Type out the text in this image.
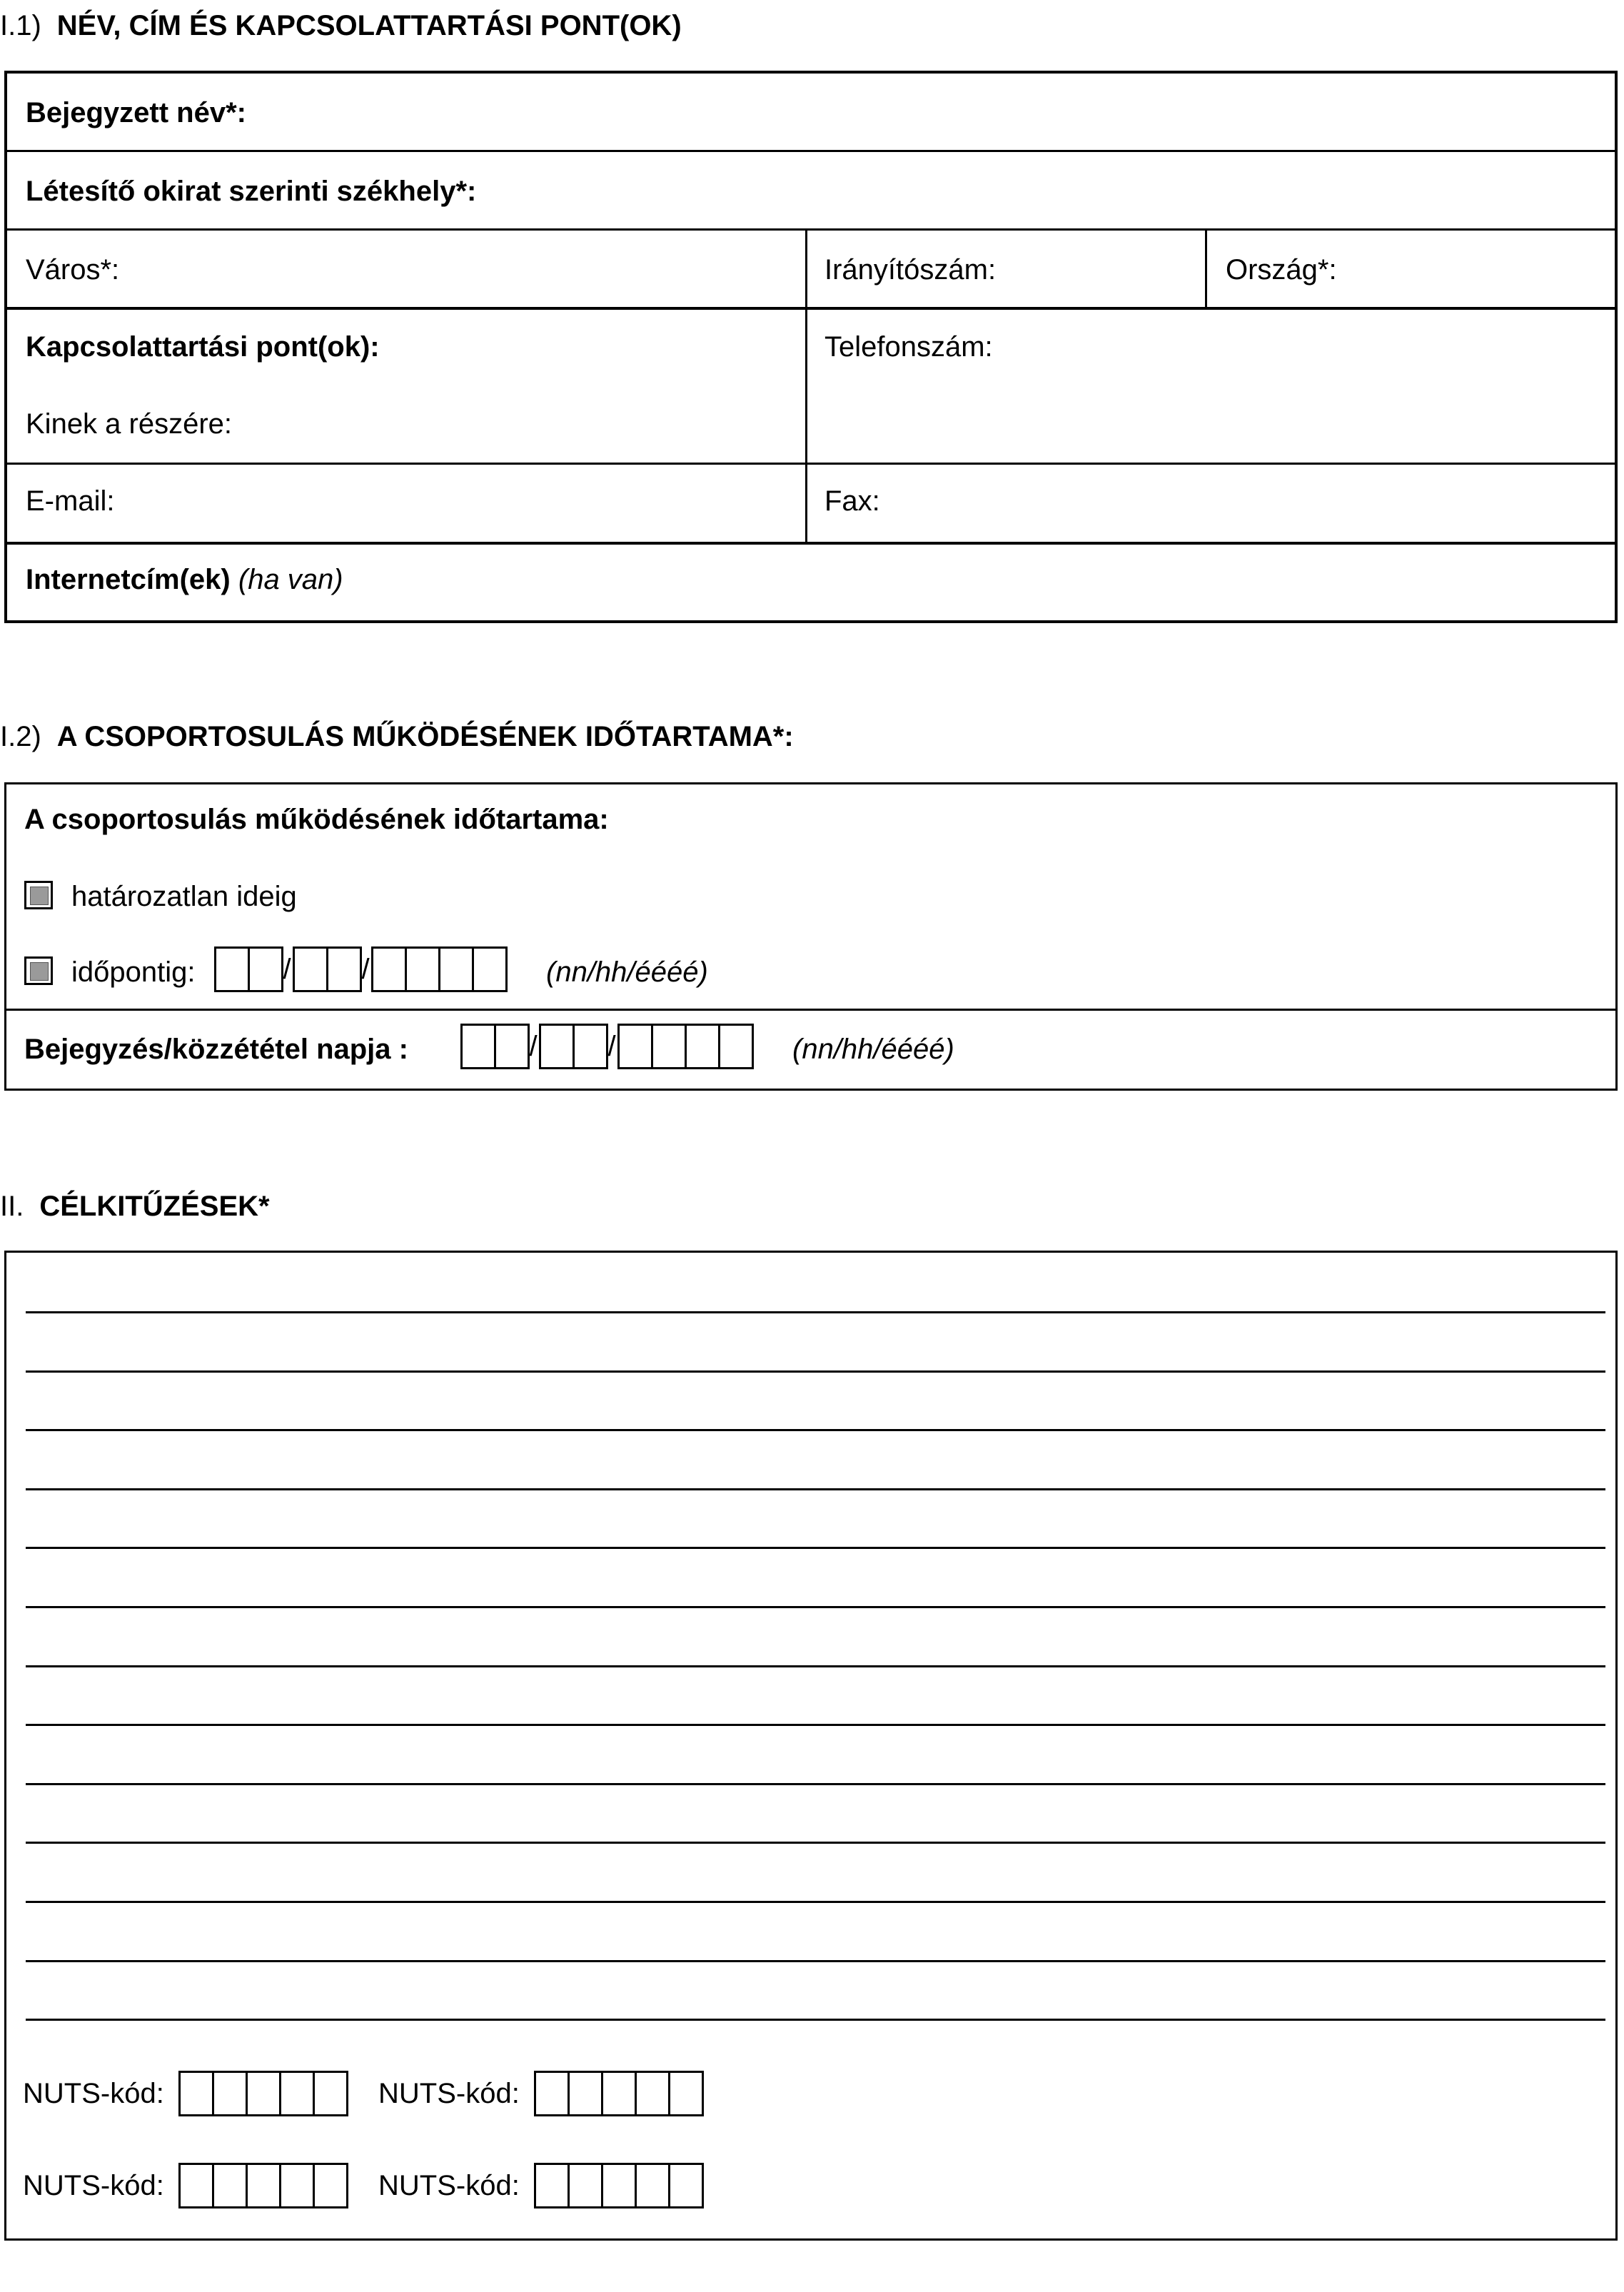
I.1) NÉV, CÍM ÉS KAPCSOLATTARTÁSI PONT(OK)
Bejegyzett név*:
Létesítő okirat szerinti székhely*:
Város*:	Irányítószám:	Ország*:
Kapcsolattartási pont(ok):
Kinek a részére:
Telefonszám:
E-mail:	Fax:
Internetcím(ek) (ha van)
I.2) A CSOPORTOSULÁS MŰKÖDÉSÉNEK IDŐTARTAMA*:
A csoportosulás működésének időtartama:
határozatlan ideig
időpontig:	/ /	(nn/hh/éééé)
Bejegyzés/közzététel napja :	/ /	(nn/hh/éééé)
II. CÉLKITŰZÉSEK*
NUTS-kód:	NUTS-kód:
NUTS-kód:	NUTS-kód:
